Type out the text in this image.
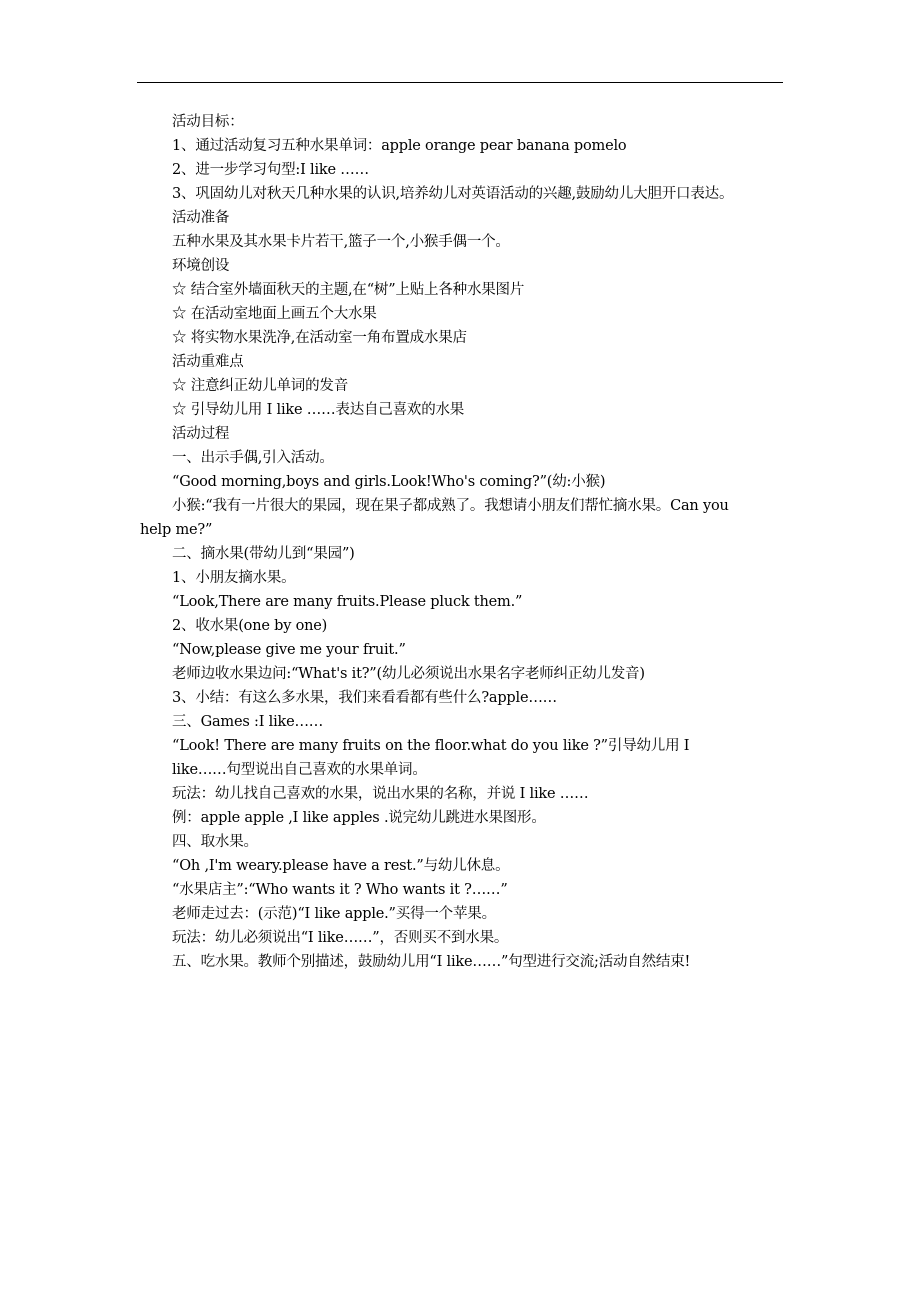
活动目标：
1、通过活动复习五种水果单词：apple orange pear banana pomelo
2、进一步学习句型:I like ……
3、巩固幼儿对秋天几种水果的认识,培养幼儿对英语活动的兴趣,鼓励幼儿大胆开口表达。
活动准备
五种水果及其水果卡片若干,篮子一个,小猴手偶一个。
环境创设
☆ 结合室外墙面秋天的主题,在“树”上贴上各种水果图片
☆ 在活动室地面上画五个大水果
☆ 将实物水果洗净,在活动室一角布置成水果店
活动重难点
☆ 注意纠正幼儿单词的发音
☆ 引导幼儿用 I like ……表达自己喜欢的水果
活动过程
一、出示手偶,引入活动。
“Good morning,boys and girls.Look!Who's coming?”(幼:小猴)
小猴:“我有一片很大的果园，现在果子都成熟了。我想请小朋友们帮忙摘水果。Can you
help me?”
二、摘水果(带幼儿到“果园”)
1、小朋友摘水果。
“Look,There are many fruits.Please pluck them.”
2、收水果(one by one)
“Now,please give me your fruit.”
老师边收水果边问:“What's it?”(幼儿必须说出水果名字老师纠正幼儿发音)
3、小结：有这么多水果，我们来看看都有些什么?apple……
三、Games :I like……
“Look! There are many fruits on the floor.what do you like ?”引导幼儿用 I
like……句型说出自己喜欢的水果单词。
玩法：幼儿找自己喜欢的水果，说出水果的名称，并说 I like ……
例：apple apple ,I like apples .说完幼儿跳进水果图形。
四、取水果。
“Oh ,I'm weary.please have a rest.”与幼儿休息。
“水果店主”:“Who wants it ? Who wants it ?……”
老师走过去：(示范)“I like apple.”买得一个苹果。
玩法：幼儿必须说出“I like……”，否则买不到水果。
五、吃水果。教师个别描述，鼓励幼儿用“I like……”句型进行交流;活动自然结束!
